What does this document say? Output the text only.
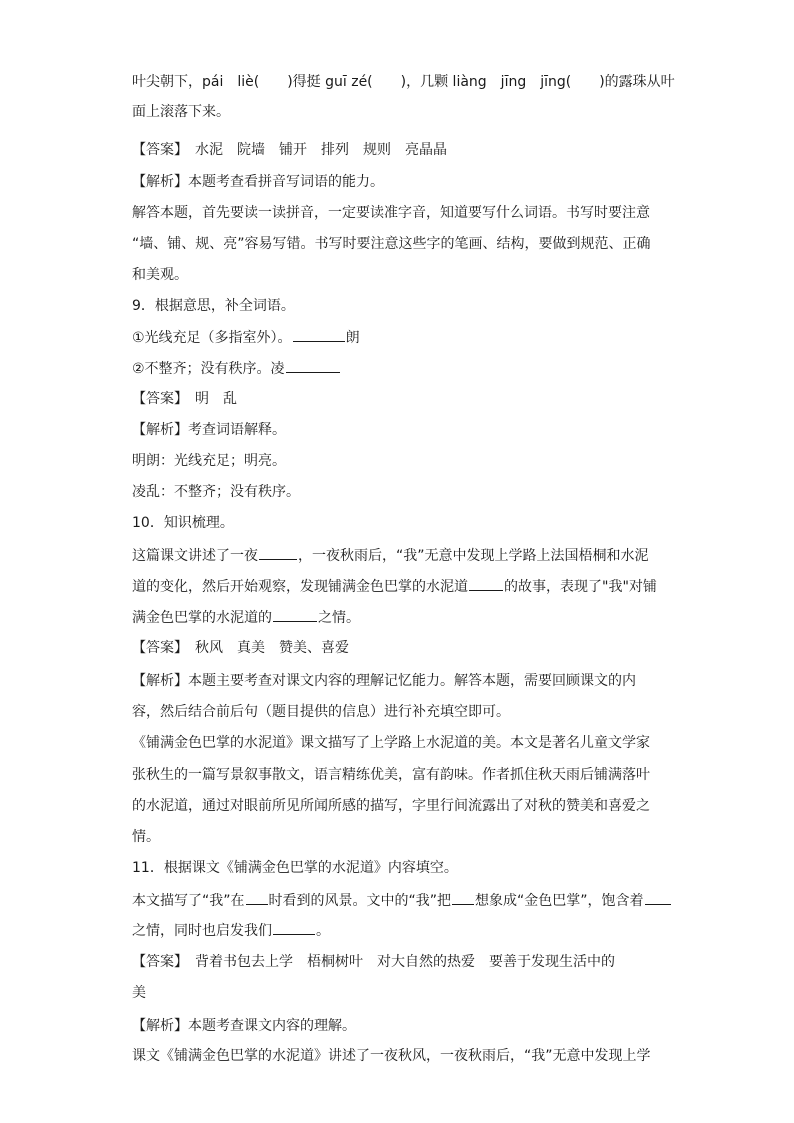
叶尖朝下，pái　liè(　　)得挺 guī zé(　　)，几颗 liàng　jīng　jīng(　　)的露珠从叶
面上滚落下来。
【答案】　水泥　院墙　铺开　排列　规则　亮晶晶
【解析】本题考查看拼音写词语的能力。
解答本题，首先要读一读拼音，一定要读准字音，知道要写什么词语。书写时要注意
“墙、铺、规、亮”容易写错。书写时要注意这些字的笔画、结构，要做到规范、正确
和美观。
9．根据意思，补全词语。
①光线充足（多指室外）。	朗
②不整齐；没有秩序。凌
【答案】　明　乱
【解析】考查词语解释。
明朗：光线充足；明亮。
凌乱：不整齐；没有秩序。
10．知识梳理。
这篇课文讲述了一夜	，一夜秋雨后，“我”无意中发现上学路上法国梧桐和水泥
道的变化，然后开始观察，发现铺满金色巴掌的水泥道	的故事，表现了"我"对铺
满金色巴掌的水泥道的	之情。
【答案】　秋风　真美　赞美、喜爱
【解析】本题主要考查对课文内容的理解记忆能力。解答本题，需要回顾课文的内
容，然后结合前后句（题目提供的信息）进行补充填空即可。
《铺满金色巴掌的水泥道》课文描写了上学路上水泥道的美。本文是著名儿童文学家
张秋生的一篇写景叙事散文，语言精练优美，富有韵味。作者抓住秋天雨后铺满落叶
的水泥道，通过对眼前所见所闻所感的描写，字里行间流露出了对秋的赞美和喜爱之
情。
11．根据课文《铺满金色巴掌的水泥道》内容填空。
本文描写了“我”在 时看到的风景。文中的“我”把 想象成“金色巴掌”，饱含着
之情，同时也启发我们	。
【答案】　背着书包去上学　梧桐树叶　对大自然的热爱　要善于发现生活中的
美
【解析】本题考查课文内容的理解。
课文《铺满金色巴掌的水泥道》讲述了一夜秋风，一夜秋雨后，“我”无意中发现上学
